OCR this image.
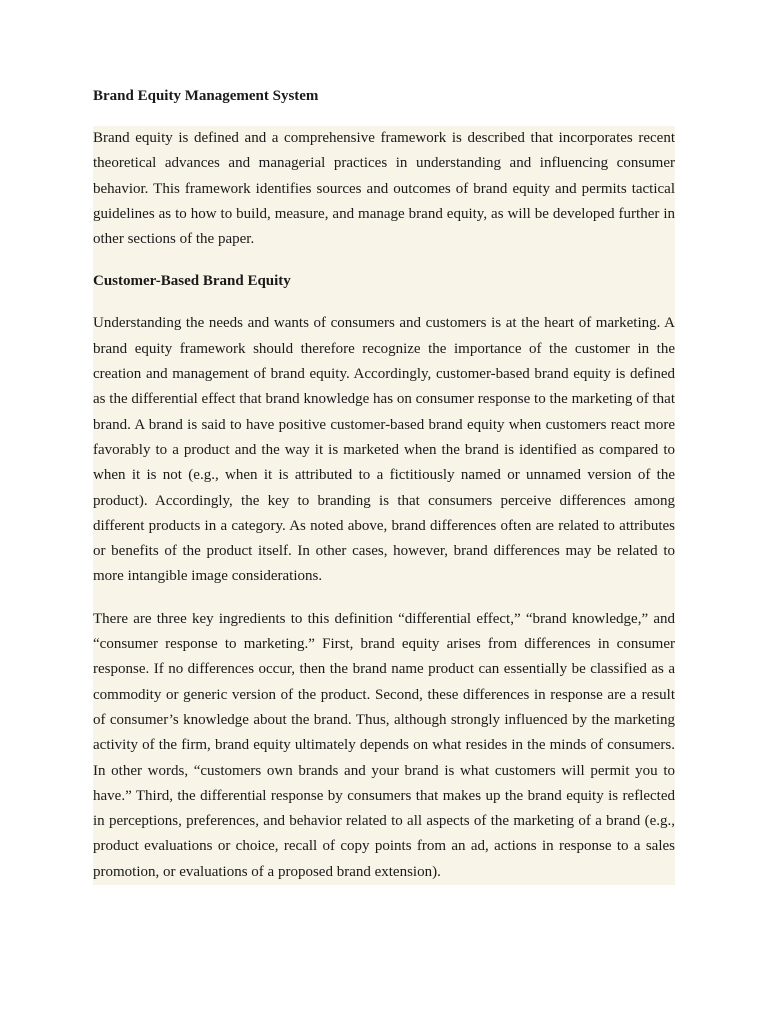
Brand Equity Management System

Brand equity is defined and a comprehensive framework is described that incorporates recent theoretical advances and managerial practices in understanding and influencing consumer behavior. This framework identifies sources and outcomes of brand equity and permits tactical guidelines as to how to build, measure, and manage brand equity, as will be developed further in other sections of the paper.

Customer-Based Brand Equity

Understanding the needs and wants of consumers and customers is at the heart of marketing. A brand equity framework should therefore recognize the importance of the customer in the creation and management of brand equity. Accordingly, customer-based brand equity is defined as the differential effect that brand knowledge has on consumer response to the marketing of that brand. A brand is said to have positive customer-based brand equity when customers react more favorably to a product and the way it is marketed when the brand is identified as compared to when it is not (e.g., when it is attributed to a fictitiously named or unnamed version of the product). Accordingly, the key to branding is that consumers perceive differences among different products in a category. As noted above, brand differences often are related to attributes or benefits of the product itself. In other cases, however, brand differences may be related to more intangible image considerations.

There are three key ingredients to this definition “differential effect,” “brand knowledge,” and “consumer response to marketing.” First, brand equity arises from differences in consumer response. If no differences occur, then the brand name product can essentially be classified as a commodity or generic version of the product. Second, these differences in response are a result of consumer’s knowledge about the brand. Thus, although strongly influenced by the marketing activity of the firm, brand equity ultimately depends on what resides in the minds of consumers. In other words, “customers own brands and your brand is what customers will permit you to have.” Third, the differential response by consumers that makes up the brand equity is reflected in perceptions, preferences, and behavior related to all aspects of the marketing of a brand (e.g., product evaluations or choice, recall of copy points from an ad, actions in response to a sales promotion, or evaluations of a proposed brand extension).
